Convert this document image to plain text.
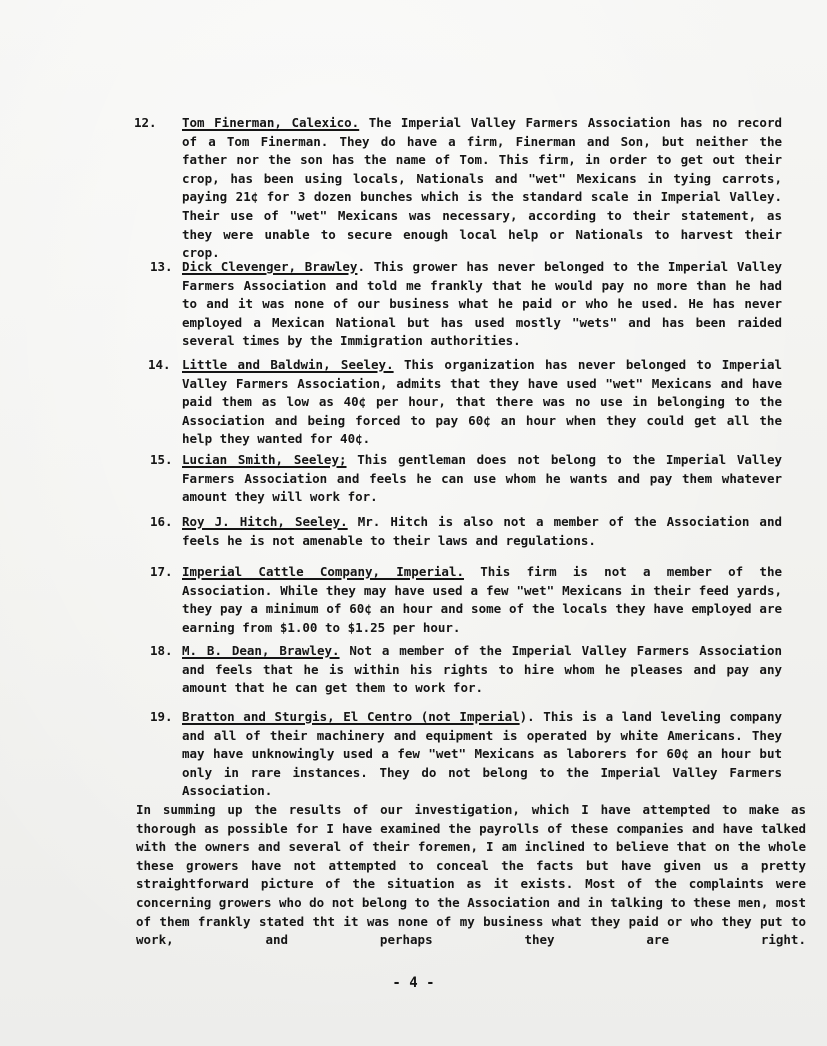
12. Tom Finerman, Calexico. The Imperial Valley Farmers Association has no record of a Tom Finerman. They do have a firm, Finerman and Son, but neither the father nor the son has the name of Tom. This firm, in order to get out their crop, has been using locals, Nationals and "wet" Mexicans in tying carrots, paying 21¢ for 3 dozen bunches which is the standard scale in Imperial Valley. Their use of "wet" Mexicans was necessary, according to their statement, as they were unable to secure enough local help or Nationals to harvest their crop.
13. Dick Clevenger, Brawley. This grower has never belonged to the Imperial Valley Farmers Association and told me frankly that he would pay no more than he had to and it was none of our business what he paid or who he used. He has never employed a Mexican National but has used mostly "wets" and has been raided several times by the Immigration authorities.
14. Little and Baldwin, Seeley. This organization has never belonged to Imperial Valley Farmers Association, admits that they have used "wet" Mexicans and have paid them as low as 40¢ per hour, that there was no use in belonging to the Association and being forced to pay 60¢ an hour when they could get all the help they wanted for 40¢.
15. Lucian Smith, Seeley; This gentleman does not belong to the Imperial Valley Farmers Association and feels he can use whom he wants and pay them whatever amount they will work for.
16. Roy J. Hitch, Seeley. Mr. Hitch is also not a member of the Association and feels he is not amenable to their laws and regulations.
17. Imperial Cattle Company, Imperial. This firm is not a member of the Association. While they may have used a few "wet" Mexicans in their feed yards, they pay a minimum of 60¢ an hour and some of the locals they have employed are earning from $1.00 to $1.25 per hour.
18. M. B. Dean, Brawley. Not a member of the Imperial Valley Farmers Association and feels that he is within his rights to hire whom he pleases and pay any amount that he can get them to work for.
19. Bratton and Sturgis, El Centro (not Imperial). This is a land leveling company and all of their machinery and equipment is operated by white Americans. They may have unknowingly used a few "wet" Mexicans as laborers for 60¢ an hour but only in rare instances. They do not belong to the Imperial Valley Farmers Association.
In summing up the results of our investigation, which I have attempted to make as thorough as possible for I have examined the payrolls of these companies and have talked with the owners and several of their foremen, I am inclined to believe that on the whole these growers have not attempted to conceal the facts but have given us a pretty straightforward picture of the situation as it exists. Most of the complaints were concerning growers who do not belong to the Association and in talking to these men, most of them frankly stated tht it was none of my business what they paid or who they put to work, and perhaps they are right.
- 4 -
